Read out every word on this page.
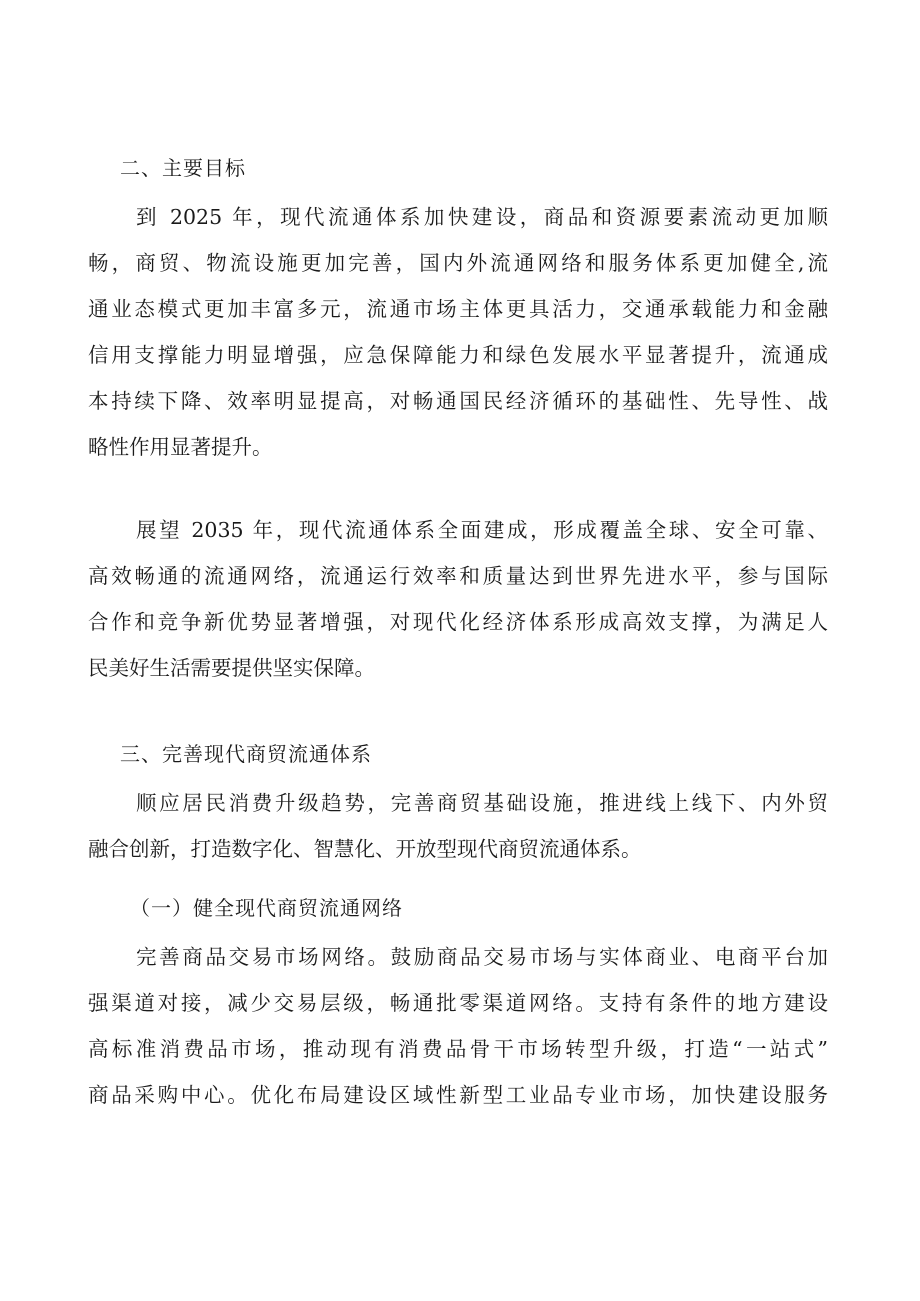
二、主要目标
到 2025 年，现代流通体系加快建设，商品和资源要素流动更加顺
畅，商贸、物流设施更加完善，国内外流通网络和服务体系更加健全,流
通业态模式更加丰富多元，流通市场主体更具活力，交通承载能力和金融
信用支撑能力明显增强，应急保障能力和绿色发展水平显著提升，流通成
本持续下降、效率明显提高，对畅通国民经济循环的基础性、先导性、战
略性作用显著提升。
展望 2035 年，现代流通体系全面建成，形成覆盖全球、安全可靠、
高效畅通的流通网络，流通运行效率和质量达到世界先进水平，参与国际
合作和竞争新优势显著增强，对现代化经济体系形成高效支撑，为满足人
民美好生活需要提供坚实保障。
三、完善现代商贸流通体系
顺应居民消费升级趋势，完善商贸基础设施，推进线上线下、内外贸
融合创新，打造数字化、智慧化、开放型现代商贸流通体系。
（一）健全现代商贸流通网络
完善商品交易市场网络。鼓励商品交易市场与实体商业、电商平台加
强渠道对接，减少交易层级，畅通批零渠道网络。支持有条件的地方建设
高标准消费品市场，推动现有消费品骨干市场转型升级，打造“一站式”
商品采购中心。优化布局建设区域性新型工业品专业市场，加快建设服务
